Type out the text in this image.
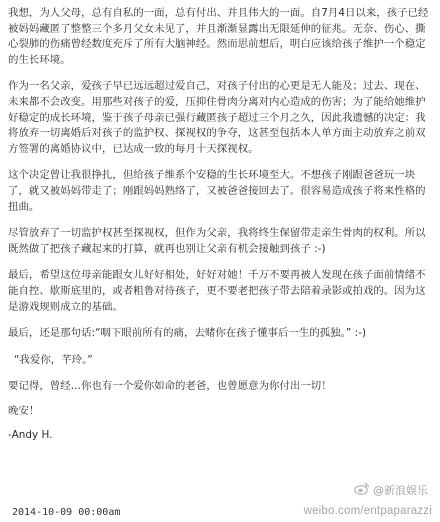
我想，为人父母，总有自私的一面，总有付出、并且伟大的一面。自7月4日以来，孩子已经被妈妈藏匿了整整三个多月父女未见了，并且渐渐显露出无限延伸的征兆。无奈、伤心、撕心裂肺的伤痛曾经数度充斥了所有大脑神经。然而思前想后，明白应该给孩子维护一个稳定的生长环境。

作为一名父亲，爱孩子早已远远超过爱自己，对孩子付出的心更是无人能及；过去、现在、未来都不会改变。用那些对孩子的爱，压抑住骨肉分离对内心造成的伤害；为了能给她维护好稳定的成长环境，鉴于孩子母亲已强行藏匿孩子超过三个月之久，因此我遗憾的决定：我将放弃一切离婚后对孩子的监护权、探视权的争夺，这甚至包括本人单方面主动放弃之前双方签署的离婚协议中，已达成一致的每月十天探视权。

这个决定曾让我很挣扎，但给孩子维系个安稳的生长环境至大。不想孩子刚跟爸爸玩一块了，就又被妈妈带走了；刚跟妈妈熟络了，又被爸爸接回去了。很容易造成孩子将来性格的扭曲。

尽管放弃了一切监护权甚至探视权，但作为父亲，我将终生保留带走亲生骨肉的权利。所以既然做了把孩子藏起来的打算，就再也别让父亲有机会接触到孩子 :-)

最后，希望这位母亲能跟女儿好好相处，好好对她！千万不要再被人发现在孩子面前情绪不能自控、歇斯底里的，或者粗鲁对待孩子，更不要老把孩子带去陪着录影或拍戏的。因为这是游戏规则成立的基础。

最后，还是那句话:“咽下眼前所有的痛，去赌你在孩子懂事后一生的孤独。” :-)

“我爱你，芊玲。”

要记得，曾经…你也有一个爱你如命的老爸，也曾愿意为你付出一切！

晚安！

-Andy H.

@新浪娱乐
weibo.com/entpaparazzi
2014-10-09 00:00am
